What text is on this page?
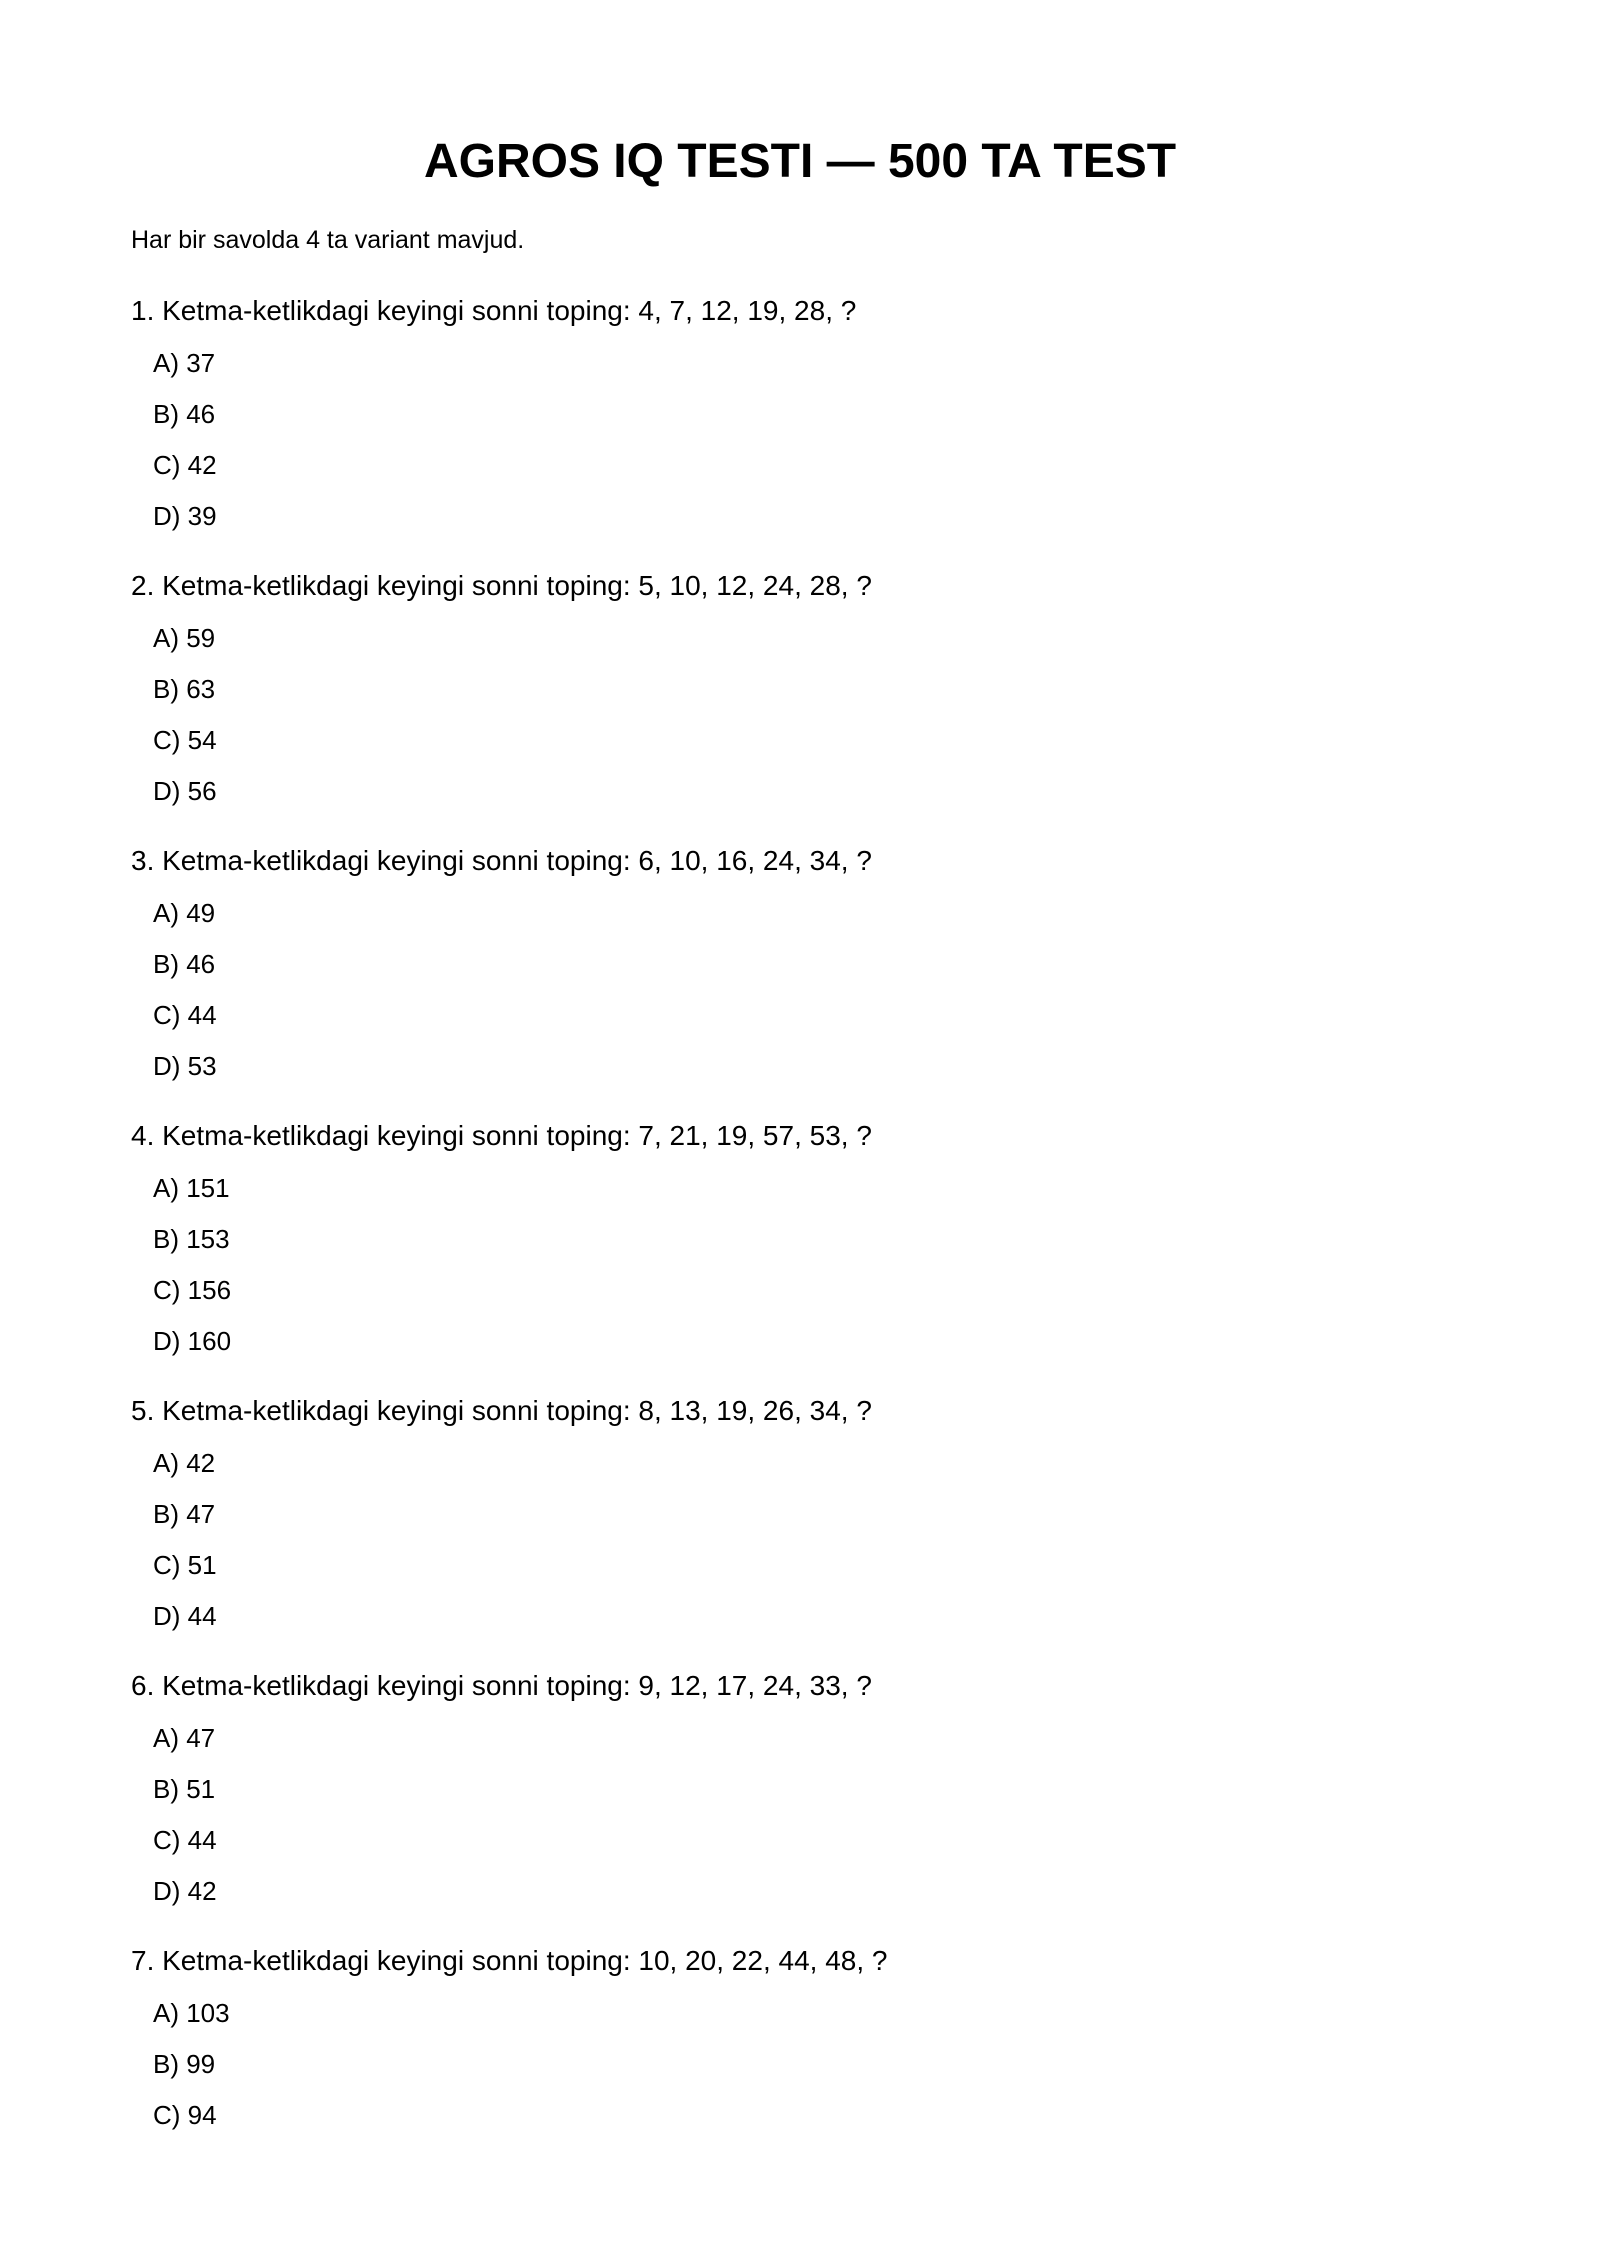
AGROS IQ TESTI — 500 TA TEST

Har bir savolda 4 ta variant mavjud.

1. Ketma-ketlikdagi keyingi sonni toping: 4, 7, 12, 19, 28, ?

A) 37
B) 46
C) 42
D) 39

2. Ketma-ketlikdagi keyingi sonni toping: 5, 10, 12, 24, 28, ?

A) 59
B) 63
C) 54
D) 56

3. Ketma-ketlikdagi keyingi sonni toping: 6, 10, 16, 24, 34, ?

A) 49
B) 46
C) 44
D) 53

4. Ketma-ketlikdagi keyingi sonni toping: 7, 21, 19, 57, 53, ?

A) 151
B) 153
C) 156
D) 160

5. Ketma-ketlikdagi keyingi sonni toping: 8, 13, 19, 26, 34, ?

A) 42
B) 47
C) 51
D) 44

6. Ketma-ketlikdagi keyingi sonni toping: 9, 12, 17, 24, 33, ?

A) 47
B) 51
C) 44
D) 42

7. Ketma-ketlikdagi keyingi sonni toping: 10, 20, 22, 44, 48, ?

A) 103
B) 99
C) 94
